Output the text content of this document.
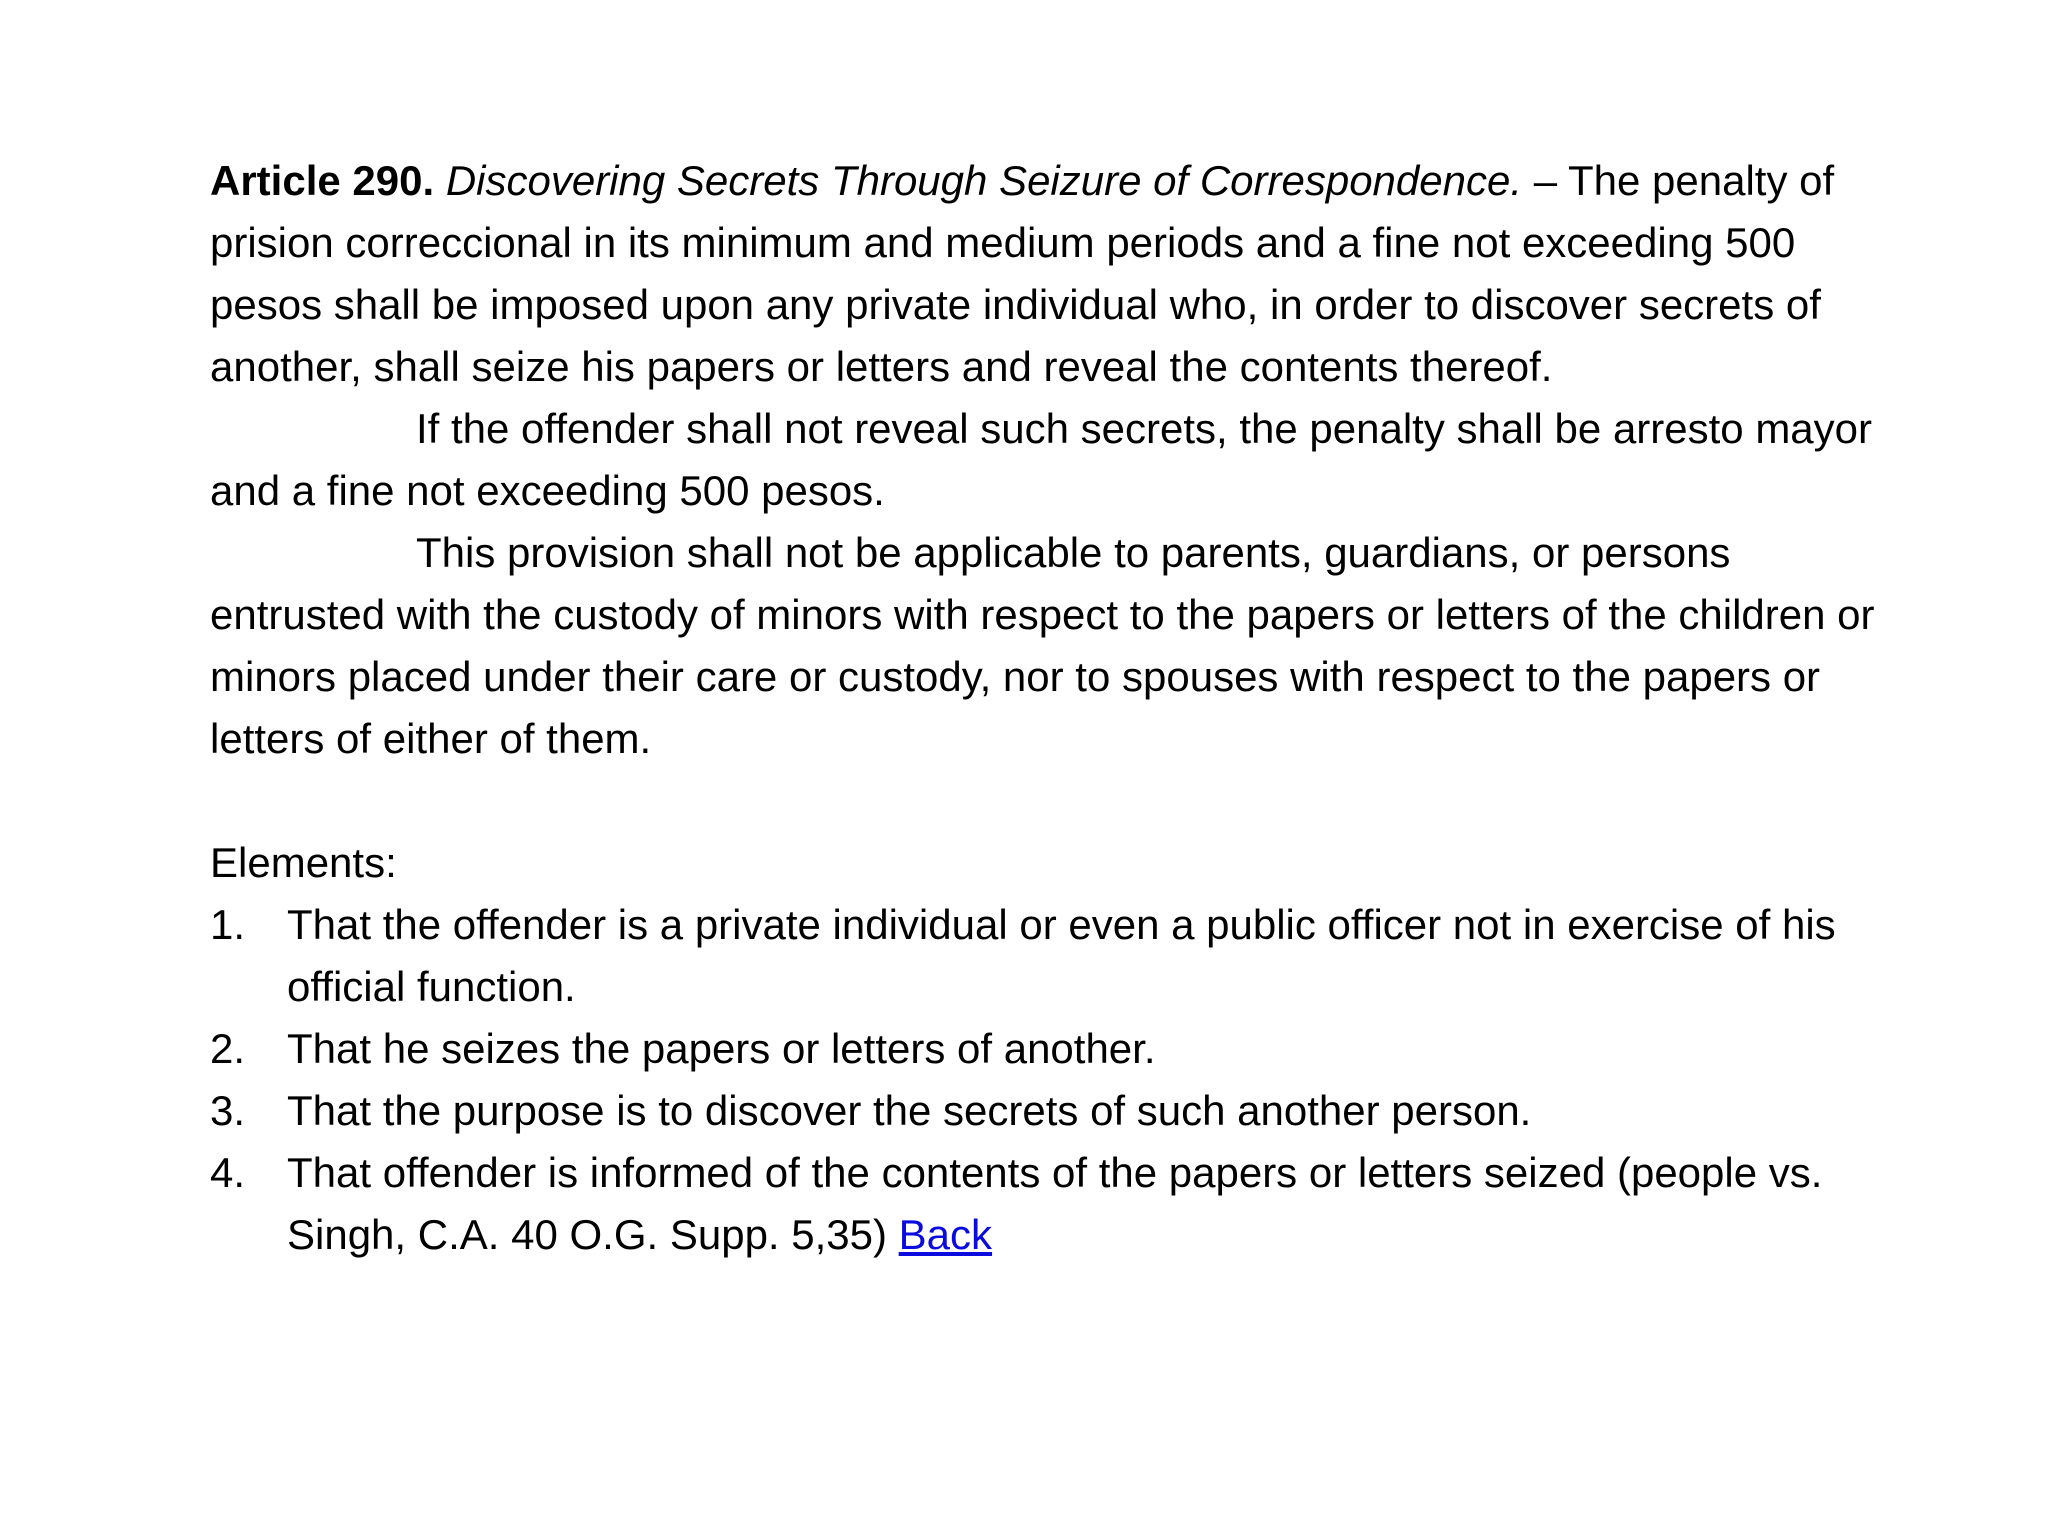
Article 290. Discovering Secrets Through Seizure of Correspondence. – The penalty of prision correccional in its minimum and medium periods and a fine not exceeding 500 pesos shall be imposed upon any private individual who, in order to discover secrets of another, shall seize his papers or letters and reveal the contents thereof.

If the offender shall not reveal such secrets, the penalty shall be arresto mayor and a fine not exceeding 500 pesos.

This provision shall not be applicable to parents, guardians, or persons entrusted with the custody of minors with respect to the papers or letters of the children or minors placed under their care or custody, nor to spouses with respect to the papers or letters of either of them.

Elements:

1. That the offender is a private individual or even a public officer not in exercise of his official function.
2. That he seizes the papers or letters of another.
3. That the purpose is to discover the secrets of such another person.
4. That offender is informed of the contents of the papers or letters seized (people vs. Singh, C.A. 40 O.G. Supp. 5,35) Back
